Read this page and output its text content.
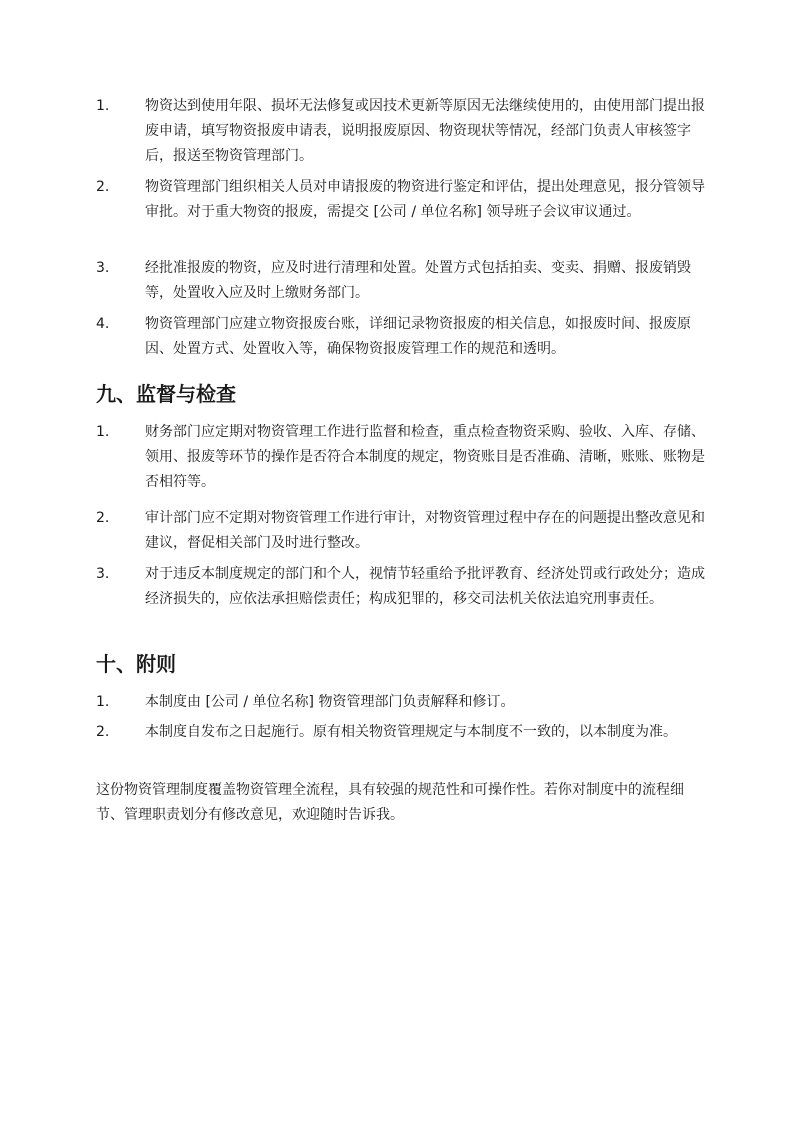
1.	物资达到使用年限、损坏无法修复或因技术更新等原因无法继续使用的，由使用部门提出报废申请，填写物资报废申请表，说明报废原因、物资现状等情况，经部门负责人审核签字后，报送至物资管理部门。

2.	物资管理部门组织相关人员对申请报废的物资进行鉴定和评估，提出处理意见，报分管领导审批。对于重大物资的报废，需提交 [公司 / 单位名称] 领导班子会议审议通过。

3.	经批准报废的物资，应及时进行清理和处置。处置方式包括拍卖、变卖、捐赠、报废销毁等，处置收入应及时上缴财务部门。

4.	物资管理部门应建立物资报废台账，详细记录物资报废的相关信息，如报废时间、报废原因、处置方式、处置收入等，确保物资报废管理工作的规范和透明。

九、监督与检查
1.	财务部门应定期对物资管理工作进行监督和检查，重点检查物资采购、验收、入库、存储、领用、报废等环节的操作是否符合本制度的规定，物资账目是否准确、清晰，账账、账物是否相符等。

2.	审计部门应不定期对物资管理工作进行审计，对物资管理过程中存在的问题提出整改意见和建议，督促相关部门及时进行整改。

3.	对于违反本制度规定的部门和个人，视情节轻重给予批评教育、经济处罚或行政处分；造成经济损失的，应依法承担赔偿责任；构成犯罪的，移交司法机关依法追究刑事责任。

十、附则
1.	本制度由 [公司 / 单位名称] 物资管理部门负责解释和修订。

2.	本制度自发布之日起施行。原有相关物资管理规定与本制度不一致的，以本制度为准。

这份物资管理制度覆盖物资管理全流程，具有较强的规范性和可操作性。若你对制度中的流程细节、管理职责划分有修改意见，欢迎随时告诉我。
